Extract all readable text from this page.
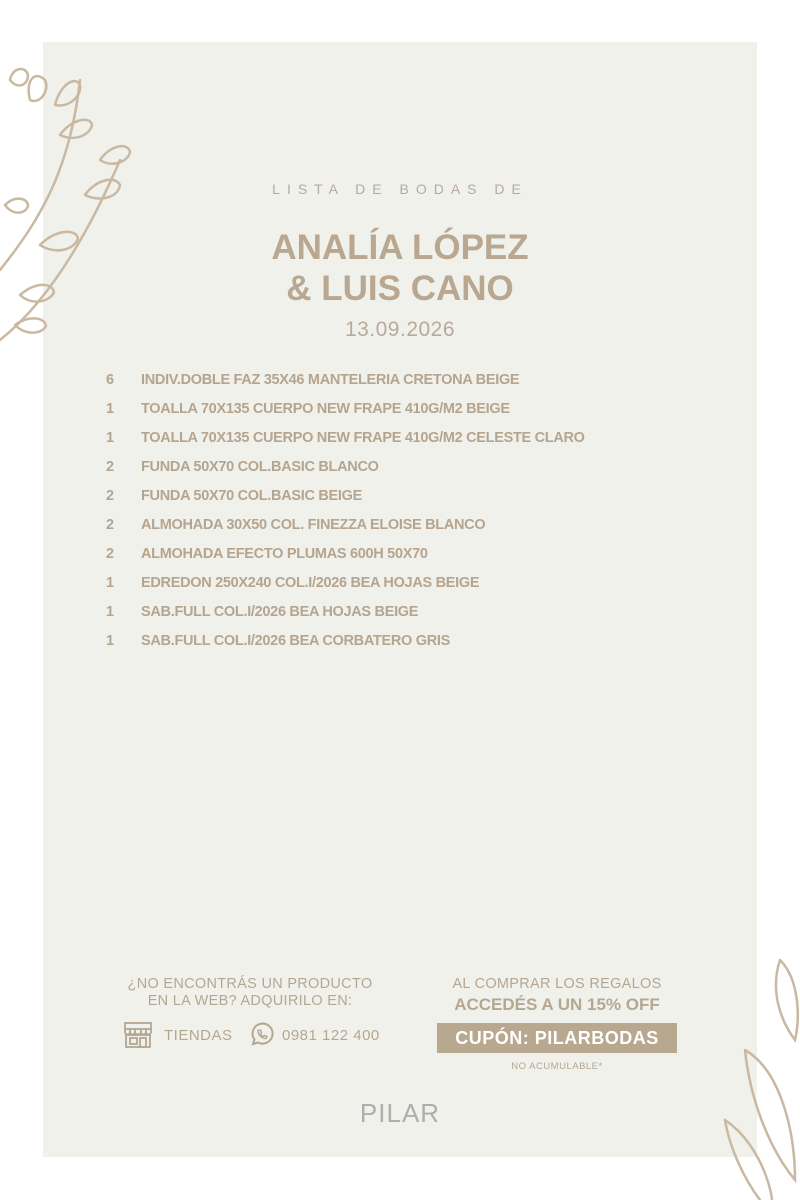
LISTA DE BODAS DE
ANALÍA LÓPEZ
& LUIS CANO
13.09.2026
6	INDIV.DOBLE FAZ 35X46 MANTELERIA CRETONA BEIGE
1	TOALLA 70X135 CUERPO NEW FRAPE 410G/M2 BEIGE
1	TOALLA 70X135 CUERPO NEW FRAPE 410G/M2 CELESTE CLARO
2	FUNDA 50X70 COL.BASIC BLANCO
2	FUNDA 50X70 COL.BASIC BEIGE
2	ALMOHADA 30X50 COL. FINEZZA ELOISE BLANCO
2	ALMOHADA EFECTO PLUMAS 600H 50X70
1	EDREDON 250X240 COL.I/2026 BEA HOJAS BEIGE
1	SAB.FULL COL.I/2026 BEA HOJAS BEIGE
1	SAB.FULL COL.I/2026 BEA CORBATERO GRIS
¿NO ENCONTRÁS UN PRODUCTO
EN LA WEB? ADQUIRILO EN:
TIENDAS	0981 122 400
AL COMPRAR LOS REGALOS
ACCEDÉS A UN 15% OFF
CUPÓN: PILARBODAS
NO ACUMULABLE*
PILAR
